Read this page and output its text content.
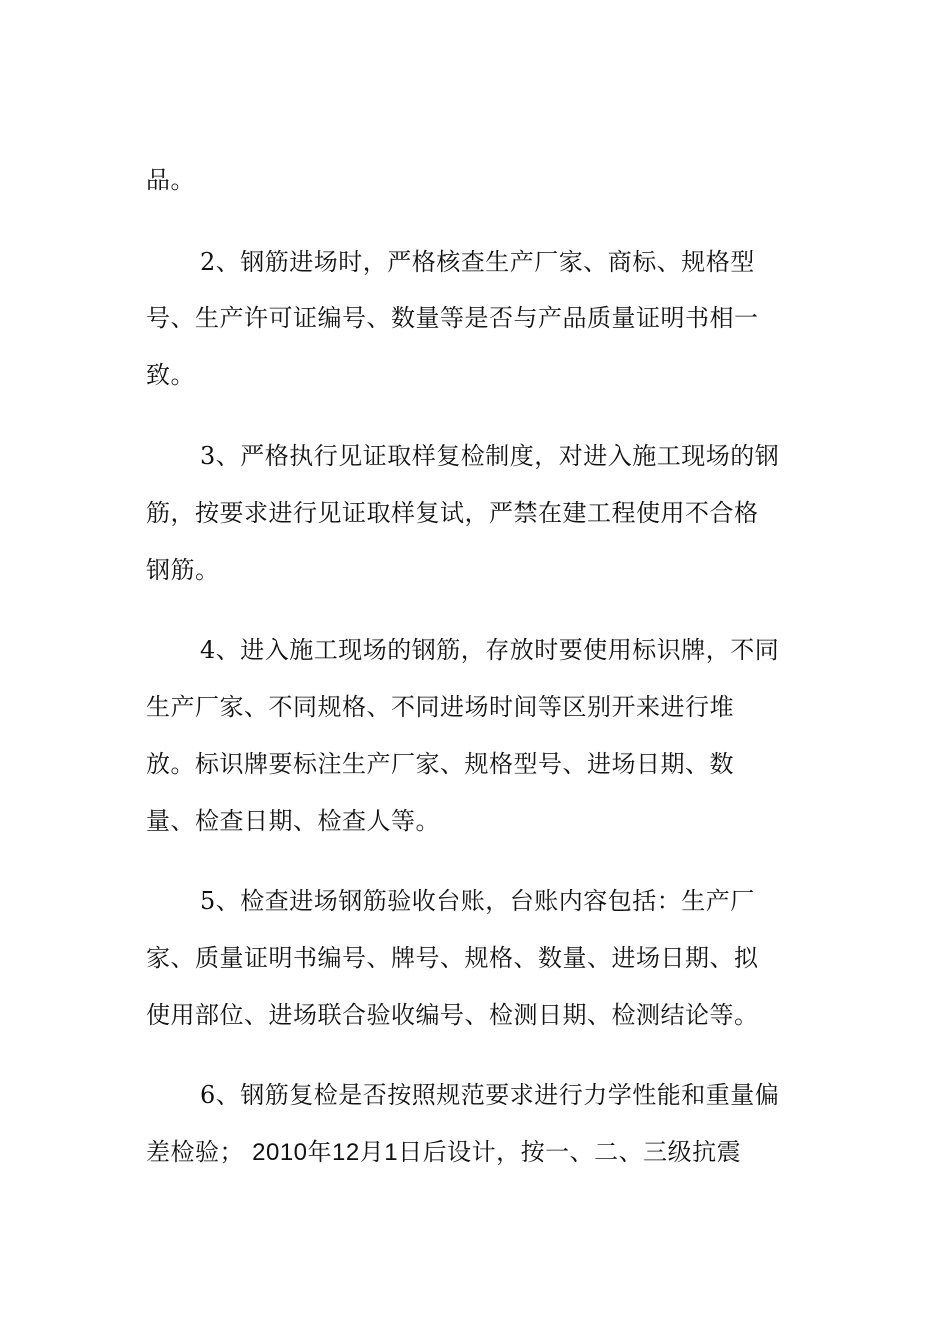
品。
2、钢筋进场时，严格核查生产厂家、商标、规格型
号、生产许可证编号、数量等是否与产品质量证明书相一
致。
3、严格执行见证取样复检制度，对进入施工现场的钢
筋，按要求进行见证取样复试，严禁在建工程使用不合格
钢筋。
4、进入施工现场的钢筋，存放时要使用标识牌，不同
生产厂家、不同规格、不同进场时间等区别开来进行堆
放。标识牌要标注生产厂家、规格型号、进场日期、数
量、检查日期、检查人等。
5、检查进场钢筋验收台账，台账内容包括：生产厂
家、质量证明书编号、牌号、规格、数量、进场日期、拟
使用部位、进场联合验收编号、检测日期、检测结论等。
6、钢筋复检是否按照规范要求进行力学性能和重量偏
差检验； 2010年12月1日后设计，按一、二、三级抗震
